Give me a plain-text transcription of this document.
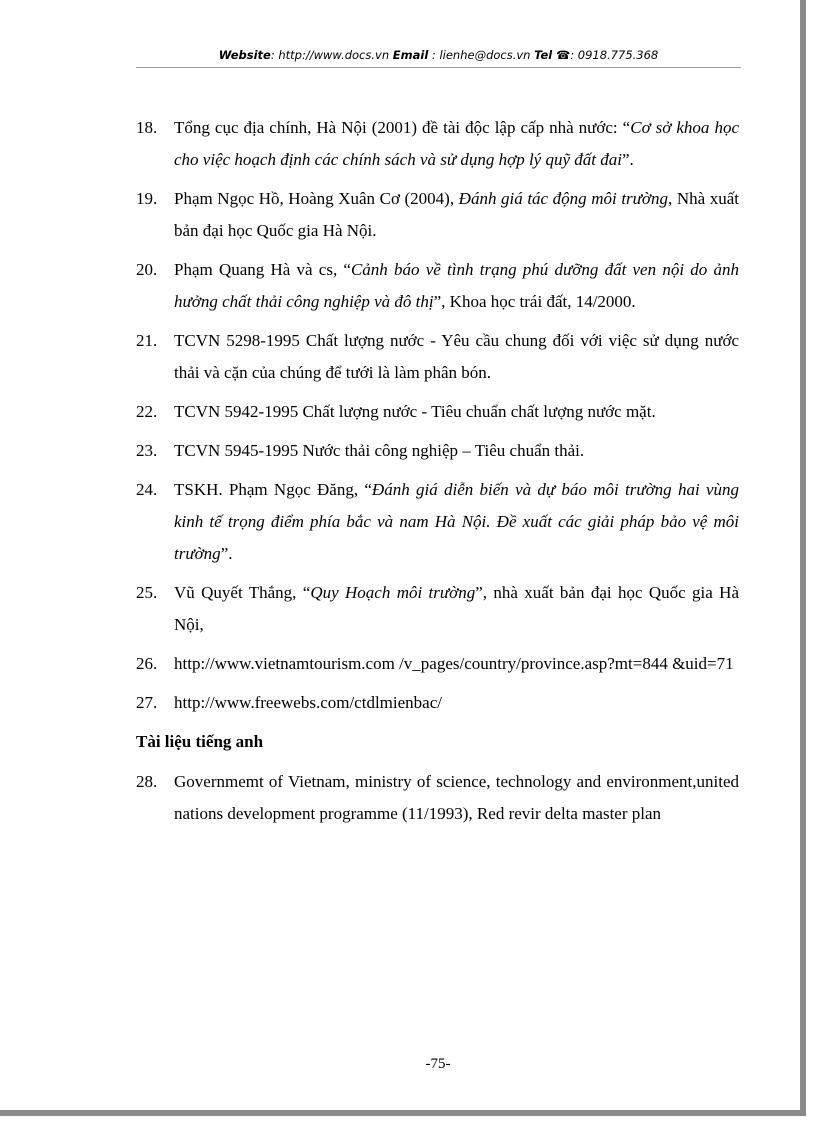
Website: http://www.docs.vn Email : lienhe@docs.vn Tel ☎: 0918.775.368
18. Tổng cục địa chính, Hà Nội (2001) đề tài độc lập cấp nhà nước: “Cơ sở khoa học cho việc hoạch định các chính sách và sử dụng hợp lý quỹ đất đai”.
19. Phạm Ngọc Hồ, Hoàng Xuân Cơ (2004), Đánh giá tác động môi trường, Nhà xuất bản đại học Quốc gia Hà Nội.
20. Phạm Quang Hà và cs, “Cảnh báo về tình trạng phú dưỡng đất ven nội do ảnh hưởng chất thải công nghiệp và đô thị”, Khoa học trái đất, 14/2000.
21. TCVN 5298-1995 Chất lượng nước - Yêu cầu chung đối với việc sử dụng nước thải và cặn của chúng để tưới là làm phân bón.
22. TCVN 5942-1995 Chất lượng nước - Tiêu chuẩn chất lượng nước mặt.
23. TCVN 5945-1995 Nước thải công nghiệp – Tiêu chuẩn thải.
24. TSKH. Phạm Ngọc Đăng, “Đánh giá diễn biến và dự báo môi trường hai vùng kinh tế trọng điểm phía bắc và nam Hà Nội. Đề xuất các giải pháp bảo vệ môi trường”.
25. Vũ Quyết Thắng, “Quy Hoạch môi trường”, nhà xuất bản đại học Quốc gia Hà Nội,
26. http://www.vietnamtourism.com /v_pages/country/province.asp?mt=844 &uid=71
27. http://www.freewebs.com/ctdlmienbac/
Tài liệu tiếng anh
28. Governmemt of Vietnam, ministry of science, technology and environment,united nations development programme (11/1993), Red revir delta master plan
-75-
